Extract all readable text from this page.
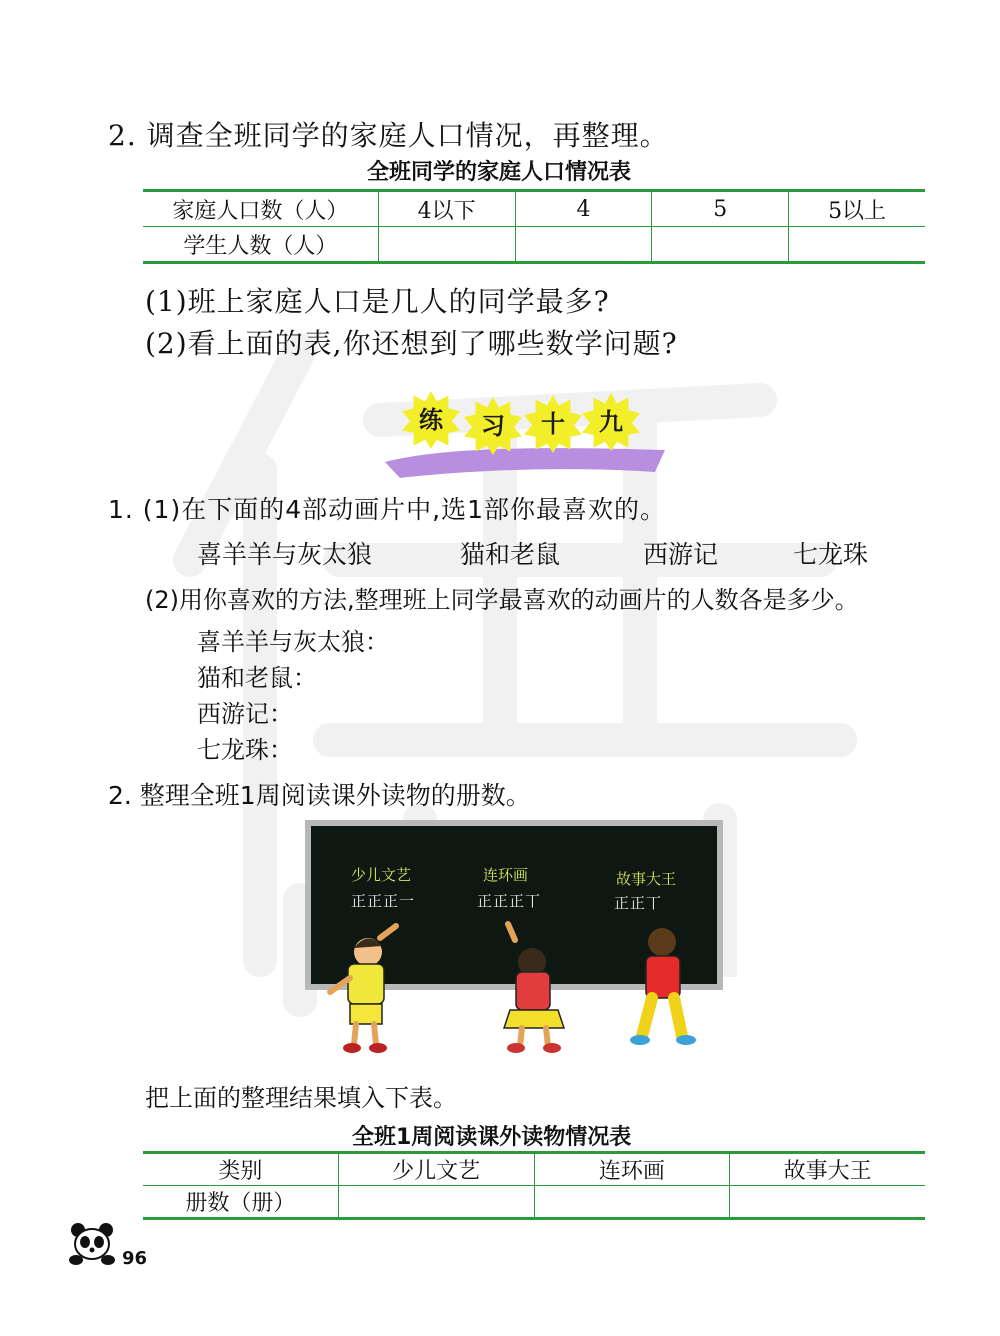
2. 调查全班同学的家庭人口情况，再整理。
全班同学的家庭人口情况表
家庭人口数（人）	4以下	4	5	5以上
学生人数（人）				
(1)班上家庭人口是几人的同学最多?
(2)看上面的表,你还想到了哪些数学问题?
练	习	十	九
1. (1)在下面的4部动画片中,选1部你最喜欢的。
喜羊羊与灰太狼	猫和老鼠	西游记	七龙珠
(2)用你喜欢的方法,整理班上同学最喜欢的动画片的人数各是多少。
喜羊羊与灰太狼：
猫和老鼠：
西游记：
七龙珠：
2. 整理全班1周阅读课外读物的册数。
少儿文艺
正正正一
连环画
正正正丅
故事大王
正正丅
把上面的整理结果填入下表。
全班1周阅读课外读物情况表
类别	少儿文艺	连环画	故事大王
册数（册）			
96
